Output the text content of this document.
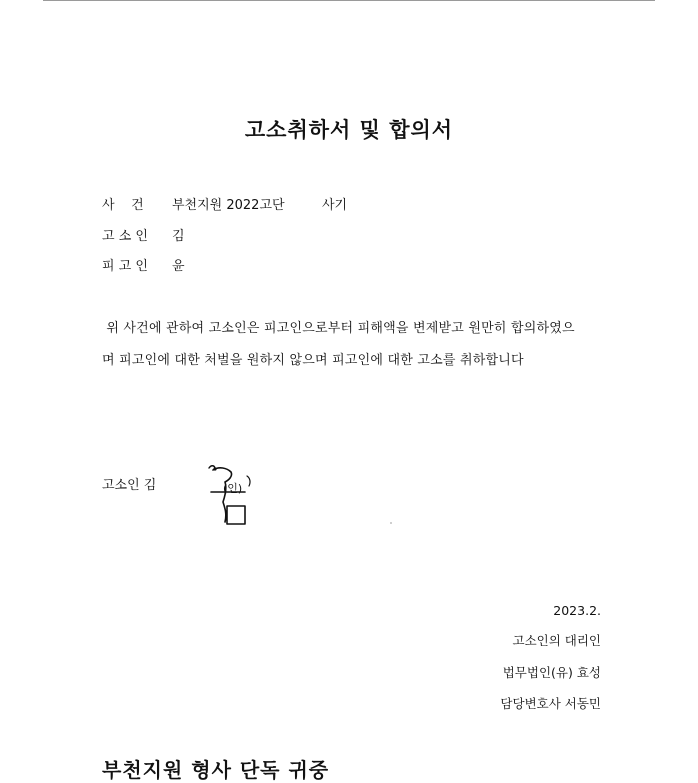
고소취하서 및 합의서
사    건	부천지원 2022고단	사기
고 소 인	김
피 고 인	윤
위 사건에 관하여 고소인은 피고인으로부터 피해액을 변제받고 원만히 합의하였으
며 피고인에 대한 처벌을 원하지 않으며 피고인에 대한 고소를 취하합니다
고소인 김	(인)
2023.2.
고소인의 대리인
법무법인(유) 효성
담당변호사 서동민
부천지원 형사 단독 귀중
